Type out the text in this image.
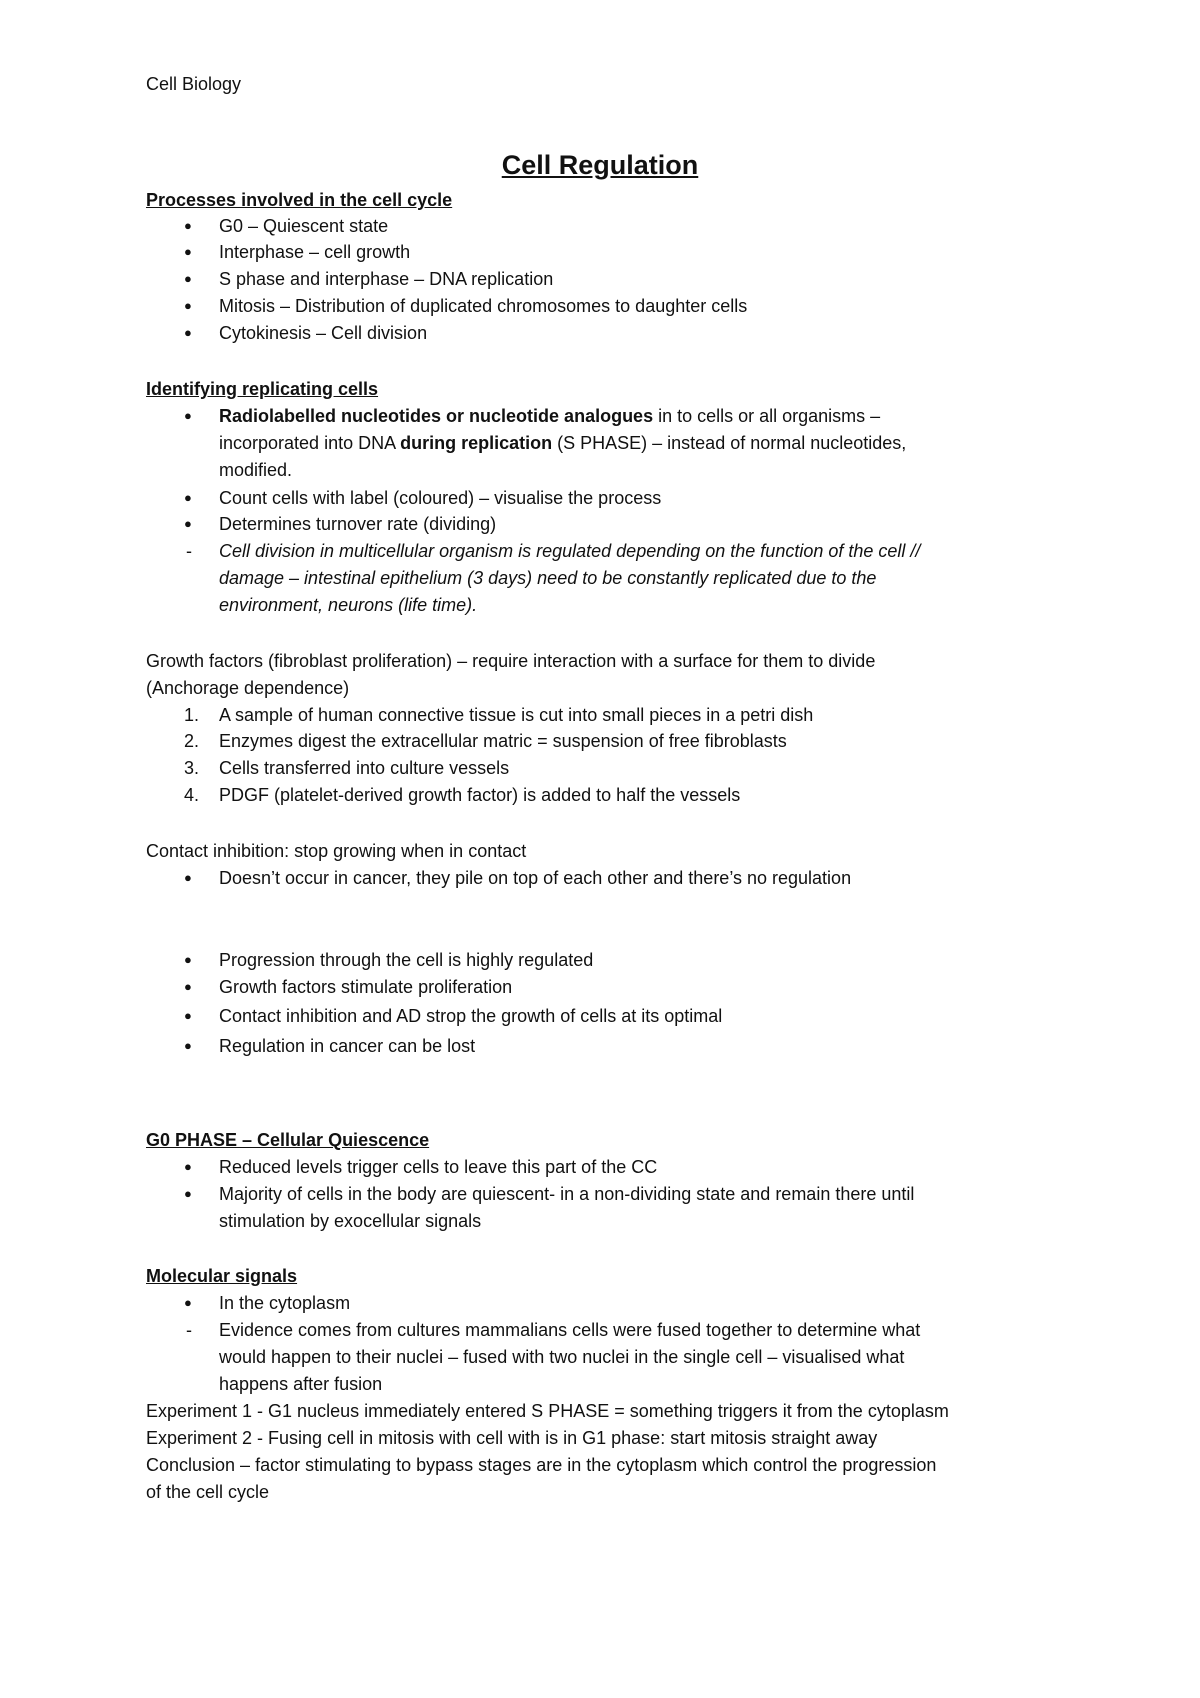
Cell Biology
Cell Regulation
Processes involved in the cell cycle
● G0 – Quiescent state
● Interphase – cell growth
● S phase and interphase – DNA replication
● Mitosis – Distribution of duplicated chromosomes to daughter cells
● Cytokinesis – Cell division
Identifying replicating cells
● Radiolabelled nucleotides or nucleotide analogues in to cells or all organisms –
incorporated into DNA during replication (S PHASE) – instead of normal nucleotides,
modified.
● Count cells with label (coloured) – visualise the process
● Determines turnover rate (dividing)
- Cell division in multicellular organism is regulated depending on the function of the cell //
damage – intestinal epithelium (3 days) need to be constantly replicated due to the
environment, neurons (life time).
Growth factors (fibroblast proliferation) – require interaction with a surface for them to divide
(Anchorage dependence)
1. A sample of human connective tissue is cut into small pieces in a petri dish
2. Enzymes digest the extracellular matric = suspension of free fibroblasts
3. Cells transferred into culture vessels
4. PDGF (platelet-derived growth factor) is added to half the vessels
Contact inhibition: stop growing when in contact
● Doesn’t occur in cancer, they pile on top of each other and there’s no regulation
● Progression through the cell is highly regulated
● Growth factors stimulate proliferation
● Contact inhibition and AD strop the growth of cells at its optimal
● Regulation in cancer can be lost
G0 PHASE – Cellular Quiescence
● Reduced levels trigger cells to leave this part of the CC
● Majority of cells in the body are quiescent- in a non-dividing state and remain there until
stimulation by exocellular signals
Molecular signals
● In the cytoplasm
- Evidence comes from cultures mammalians cells were fused together to determine what
would happen to their nuclei – fused with two nuclei in the single cell – visualised what
happens after fusion
Experiment 1 - G1 nucleus immediately entered S PHASE = something triggers it from the cytoplasm
Experiment 2 - Fusing cell in mitosis with cell with is in G1 phase: start mitosis straight away
Conclusion – factor stimulating to bypass stages are in the cytoplasm which control the progression
of the cell cycle
